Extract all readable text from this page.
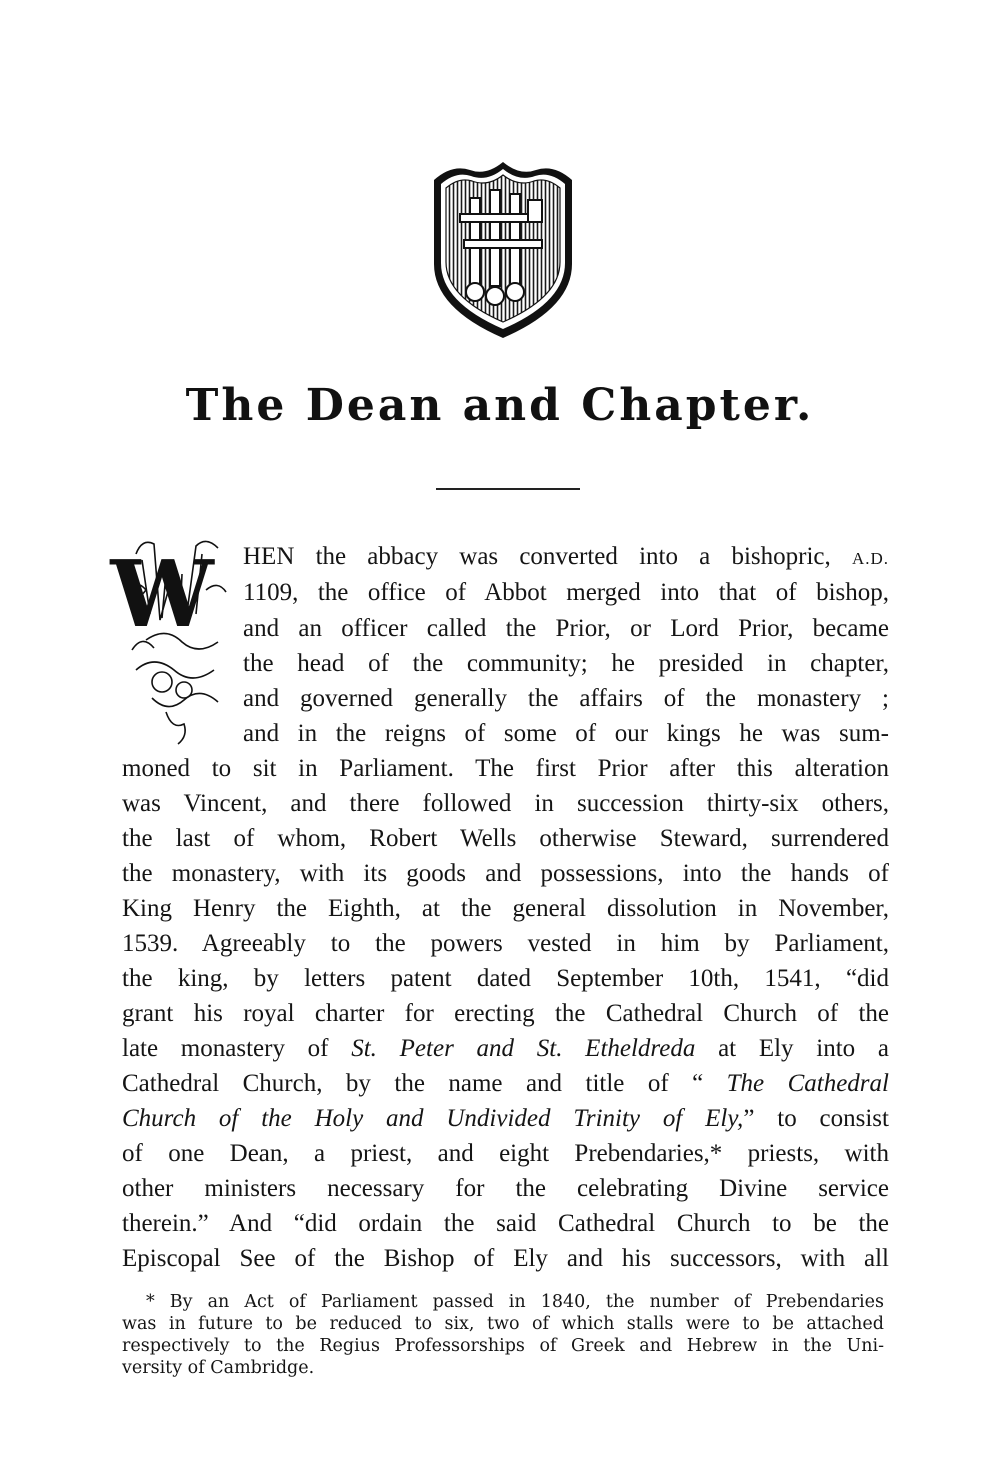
The Dean and Chapter.
W HEN the abbacy was converted into a bishopric, A.D.
1109, the office of Abbot merged into that of bishop,
and an officer called the Prior, or Lord Prior, became
the head of the community; he presided in chapter,
and governed generally the affairs of the monastery ;
and in the reigns of some of our kings he was sum-
moned to sit in Parliament. The first Prior after this alteration
was Vincent, and there followed in succession thirty-six others,
the last of whom, Robert Wells otherwise Steward, surrendered
the monastery, with its goods and possessions, into the hands of
King Henry the Eighth, at the general dissolution in November,
1539. Agreeably to the powers vested in him by Parliament,
the king, by letters patent dated September 10th, 1541, “did
grant his royal charter for erecting the Cathedral Church of the
late monastery of St. Peter and St. Etheldreda at Ely into a
Cathedral Church, by the name and title of “ The Cathedral
Church of the Holy and Undivided Trinity of Ely,” to consist
of one Dean, a priest, and eight Prebendaries,* priests, with
other ministers necessary for the celebrating Divine service
therein.” And “did ordain the said Cathedral Church to be the
Episcopal See of the Bishop of Ely and his successors, with all
* By an Act of Parliament passed in 1840, the number of Prebendaries
was in future to be reduced to six, two of which stalls were to be attached
respectively to the Regius Professorships of Greek and Hebrew in the Uni-
versity of Cambridge.
